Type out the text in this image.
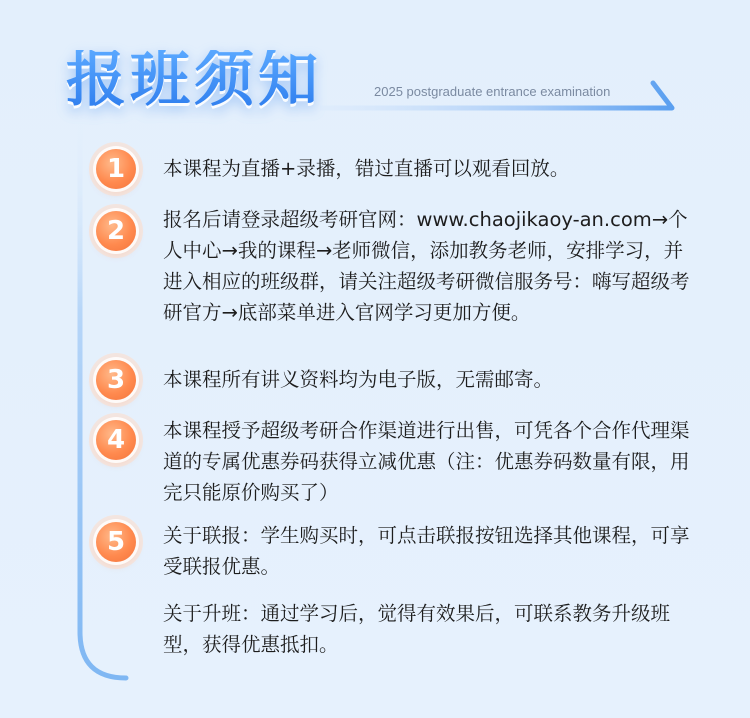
报班须知	2025 postgraduate entrance examination
1	本课程为直播+录播，错过直播可以观看回放。
2	报名后请登录超级考研官网：www.chaojikaoy-an.com→个人中心→我的课程→老师微信，添加教务老师，安排学习，并进入相应的班级群，请关注超级考研微信服务号：嗨写超级考研官方→底部菜单进入官网学习更加方便。
3	本课程所有讲义资料均为电子版，无需邮寄。
4	本课程授予超级考研合作渠道进行出售，可凭各个合作代理渠道的专属优惠券码获得立减优惠（注：优惠券码数量有限，用完只能原价购买了）
5	关于联报：学生购买时，可点击联报按钮选择其他课程，可享受联报优惠。
关于升班：通过学习后，觉得有效果后，可联系教务升级班型，获得优惠抵扣。
